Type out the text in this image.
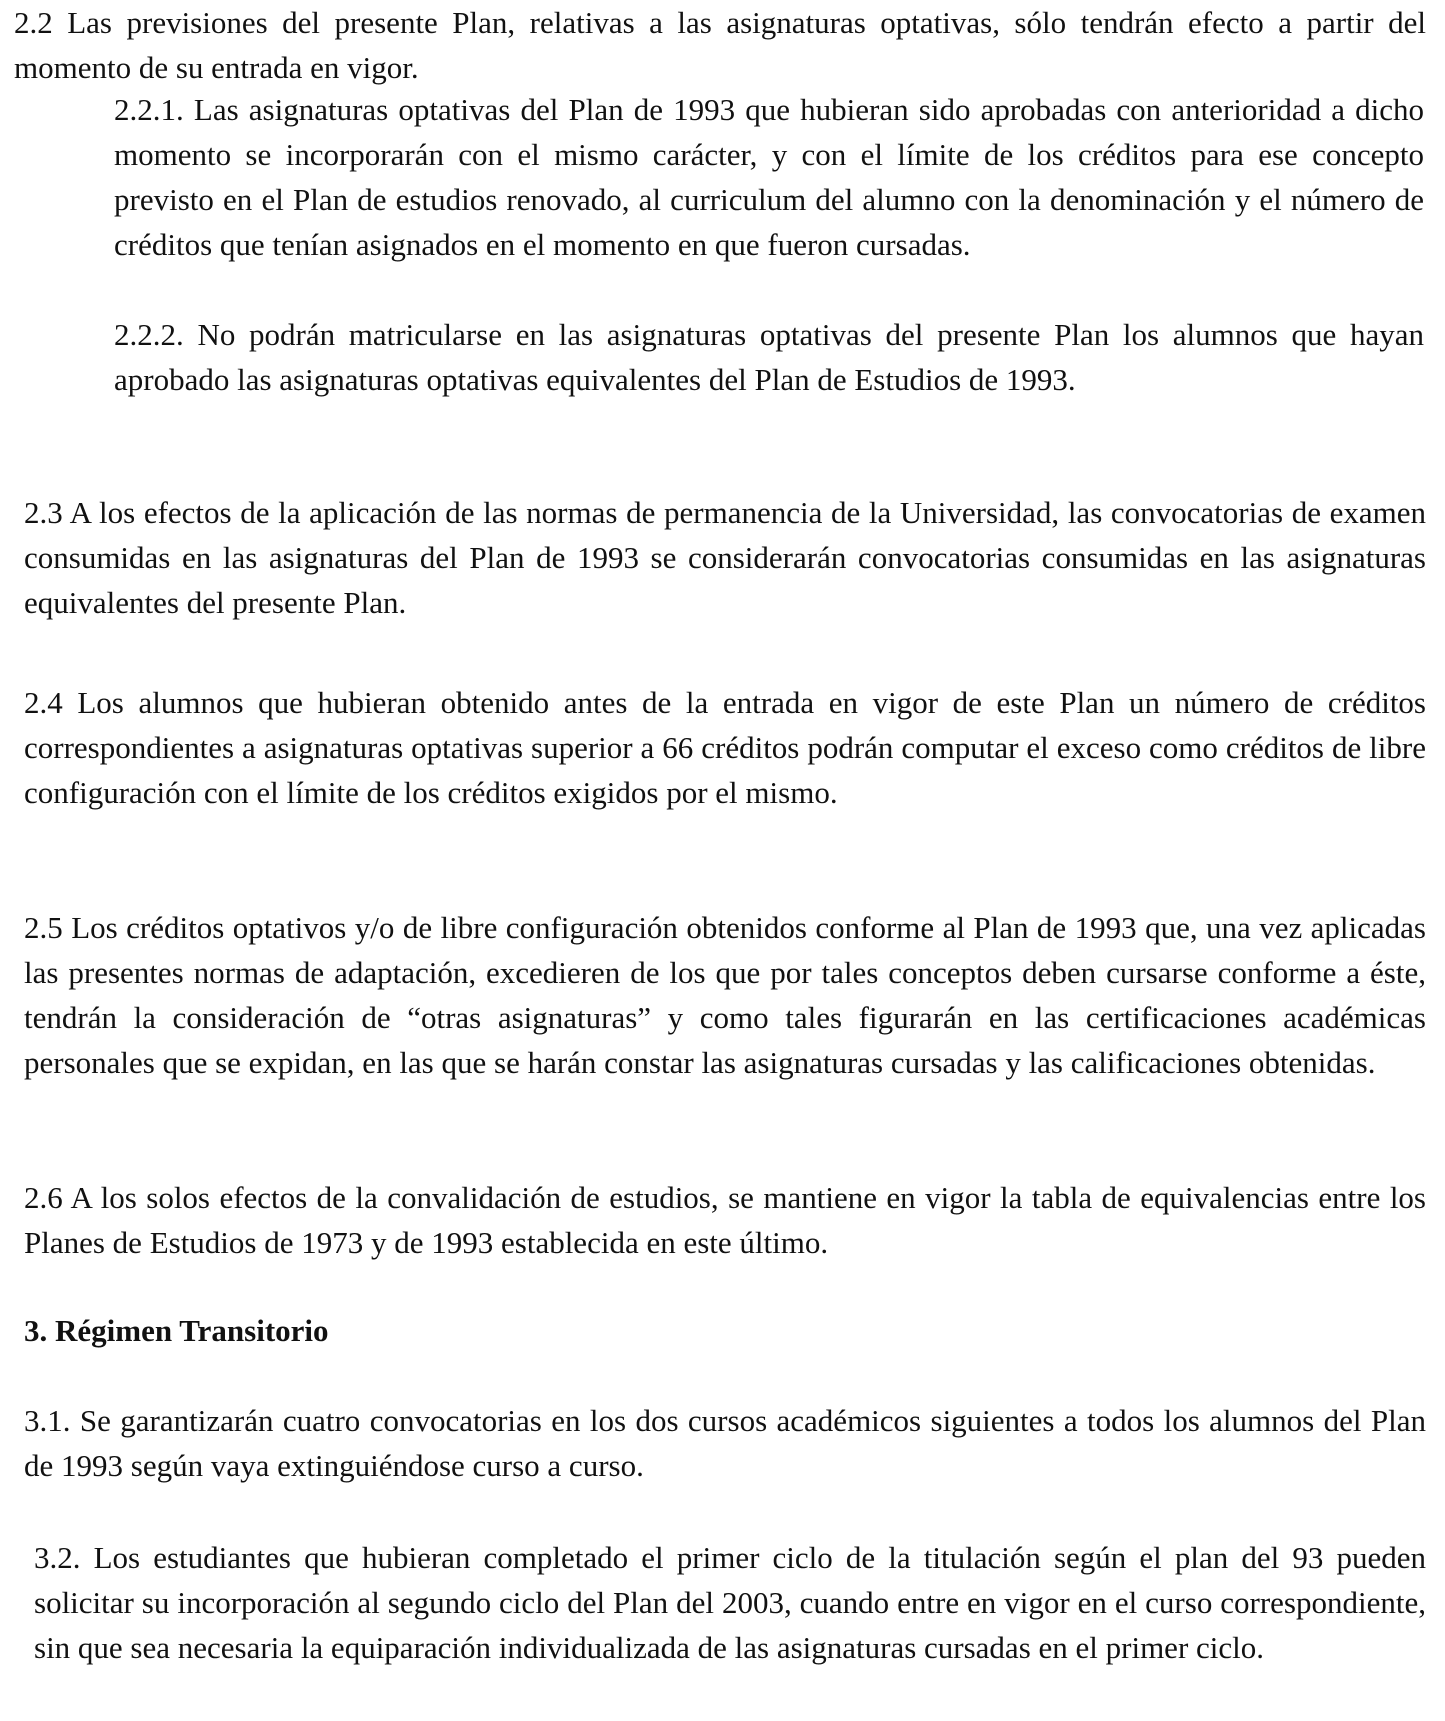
2.2 Las previsiones del presente Plan, relativas a las asignaturas optativas, sólo tendrán efecto a partir del momento de su entrada en vigor.

2.2.1. Las asignaturas optativas del Plan de 1993 que hubieran sido aprobadas con anterioridad a dicho momento se incorporarán con el mismo carácter, y con el límite de los créditos para ese concepto previsto en el Plan de estudios renovado, al curriculum del alumno con la denominación y el número de créditos que tenían asignados en el momento en que fueron cursadas.

2.2.2. No podrán matricularse en las asignaturas optativas del presente Plan los alumnos que hayan aprobado las asignaturas optativas equivalentes del Plan de Estudios de 1993.

2.3 A los efectos de la aplicación de las normas de permanencia de la Universidad, las convocatorias de examen consumidas en las asignaturas del Plan de 1993 se considerarán convocatorias consumidas en las asignaturas equivalentes del presente Plan.

2.4 Los alumnos que hubieran obtenido antes de la entrada en vigor de este Plan un número de créditos correspondientes a asignaturas optativas superior a 66 créditos podrán computar el exceso como créditos de libre configuración con el límite de los créditos exigidos por el mismo.

2.5 Los créditos optativos y/o de libre configuración obtenidos conforme al Plan de 1993 que, una vez aplicadas las presentes normas de adaptación, excedieren de los que por tales conceptos deben cursarse conforme a éste, tendrán la consideración de “otras asignaturas” y como tales figurarán en las certificaciones académicas personales que se expidan, en las que se harán constar las asignaturas cursadas y las calificaciones obtenidas.

2.6 A los solos efectos de la convalidación de estudios, se mantiene en vigor la tabla de equivalencias entre los Planes de Estudios de 1973 y de 1993 establecida en este último.

3. Régimen Transitorio

3.1. Se garantizarán cuatro convocatorias en los dos cursos académicos siguientes a todos los alumnos del Plan de 1993 según vaya extinguiéndose curso a curso.

3.2. Los estudiantes que hubieran completado el primer ciclo de la titulación según el plan del 93 pueden solicitar su incorporación al segundo ciclo del Plan del 2003, cuando entre en vigor en el curso correspondiente, sin que sea necesaria la equiparación individualizada de las asignaturas cursadas en el primer ciclo.
